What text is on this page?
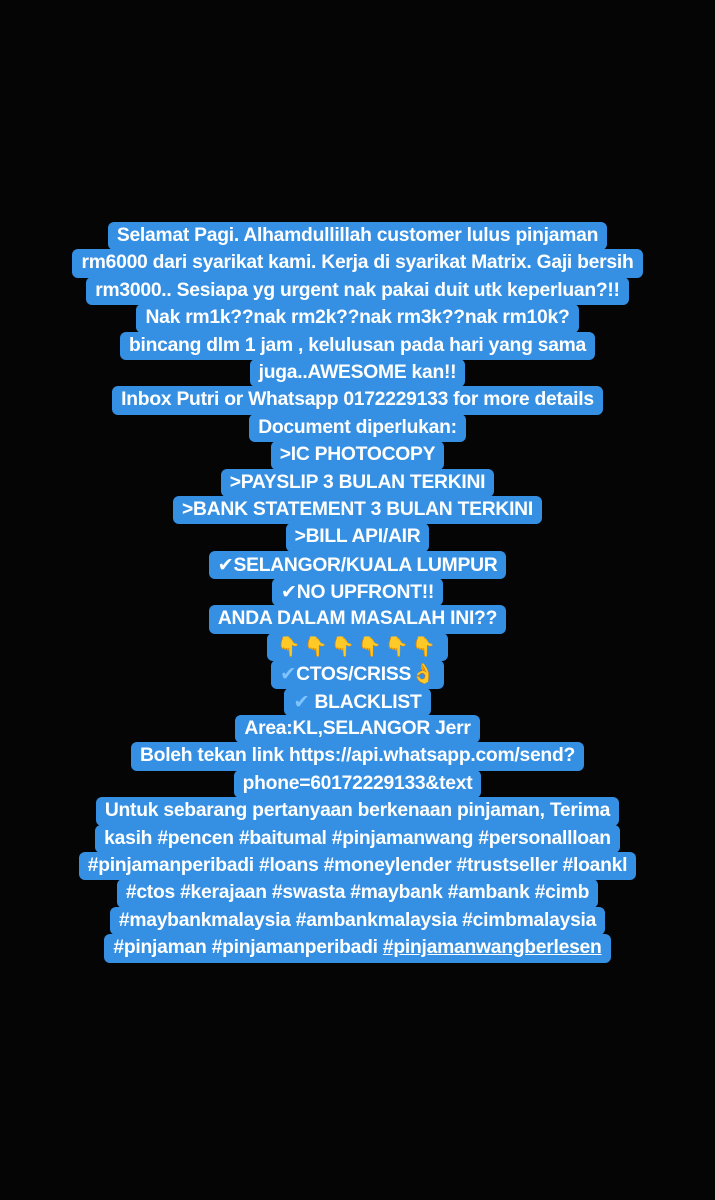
Selamat Pagi. Alhamdullillah customer lulus pinjaman
rm6000 dari syarikat kami. Kerja di syarikat Matrix. Gaji bersih
rm3000.. Sesiapa yg urgent nak pakai duit utk keperluan?!!
Nak rm1k??nak rm2k??nak rm3k??nak rm10k?
bincang dlm 1 jam , kelulusan pada hari yang sama
juga..AWESOME kan!!
Inbox Putri or Whatsapp 0172229133 for more details
Document diperlukan:
>IC PHOTOCOPY
>PAYSLIP 3 BULAN TERKINI
>BANK STATEMENT 3 BULAN TERKINI
>BILL API/AIR
✔SELANGOR/KUALA LUMPUR
✔NO UPFRONT!!
ANDA DALAM MASALAH INI??
👇👇👇👇👇👇
✔CTOS/CRISS👌
✔ BLACKLIST
Area:KL,SELANGOR Jerr
Boleh tekan link https://api.whatsapp.com/send?
phone=60172229133&text
Untuk sebarang pertanyaan berkenaan pinjaman, Terima
kasih #pencen #baitumal #pinjamanwang #personallloan
#pinjamanperibadi #loans #moneylender #trustseller #loankl
#ctos #kerajaan #swasta #maybank #ambank #cimb
#maybankmalaysia #ambankmalaysia #cimbmalaysia
#pinjaman #pinjamanperibadi #pinjamanwangberlesen
